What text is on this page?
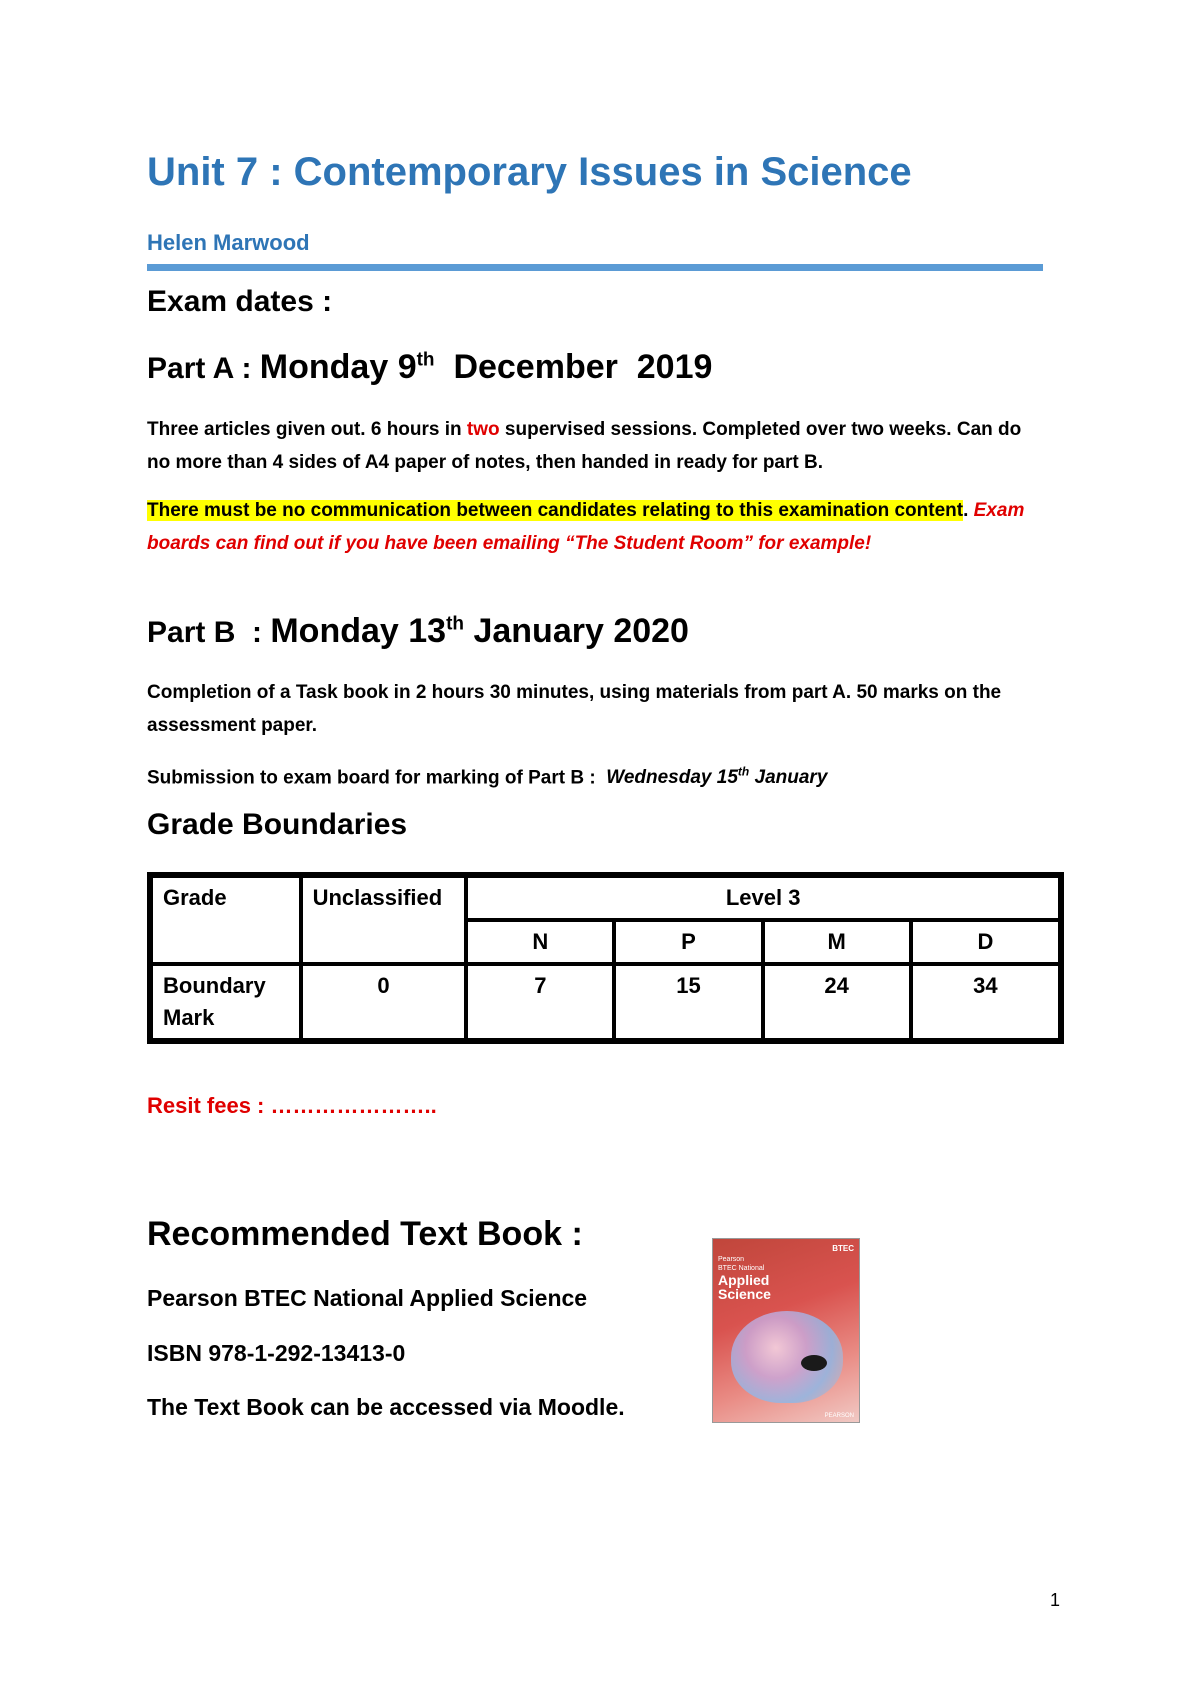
Unit 7 : Contemporary Issues in Science
Helen Marwood
Exam dates :
Part A : Monday 9th  December  2019
Three articles given out. 6 hours in two supervised sessions. Completed over two weeks. Can do no more than 4 sides of A4 paper of notes, then handed in ready for part B.
There must be no communication between candidates relating to this examination content. Exam boards can find out if you have been emailing “The Student Room” for example!
Part B  : Monday 13th January 2020
Completion of a Task book in 2 hours 30 minutes, using materials from part A. 50 marks on the assessment paper.
Submission to exam board for marking of Part B :  Wednesday 15th January
Grade Boundaries
Grade	Unclassified	Level 3			
		N	P	M	D
Boundary Mark	0	7	15	24	34
Resit fees : …………………..
Recommended Text Book :
Pearson BTEC National Applied Science
ISBN 978-1-292-13413-0
The Text Book can be accessed via Moodle.
BTEC
Pearson
BTEC National
Applied
Science
PEARSON
1
